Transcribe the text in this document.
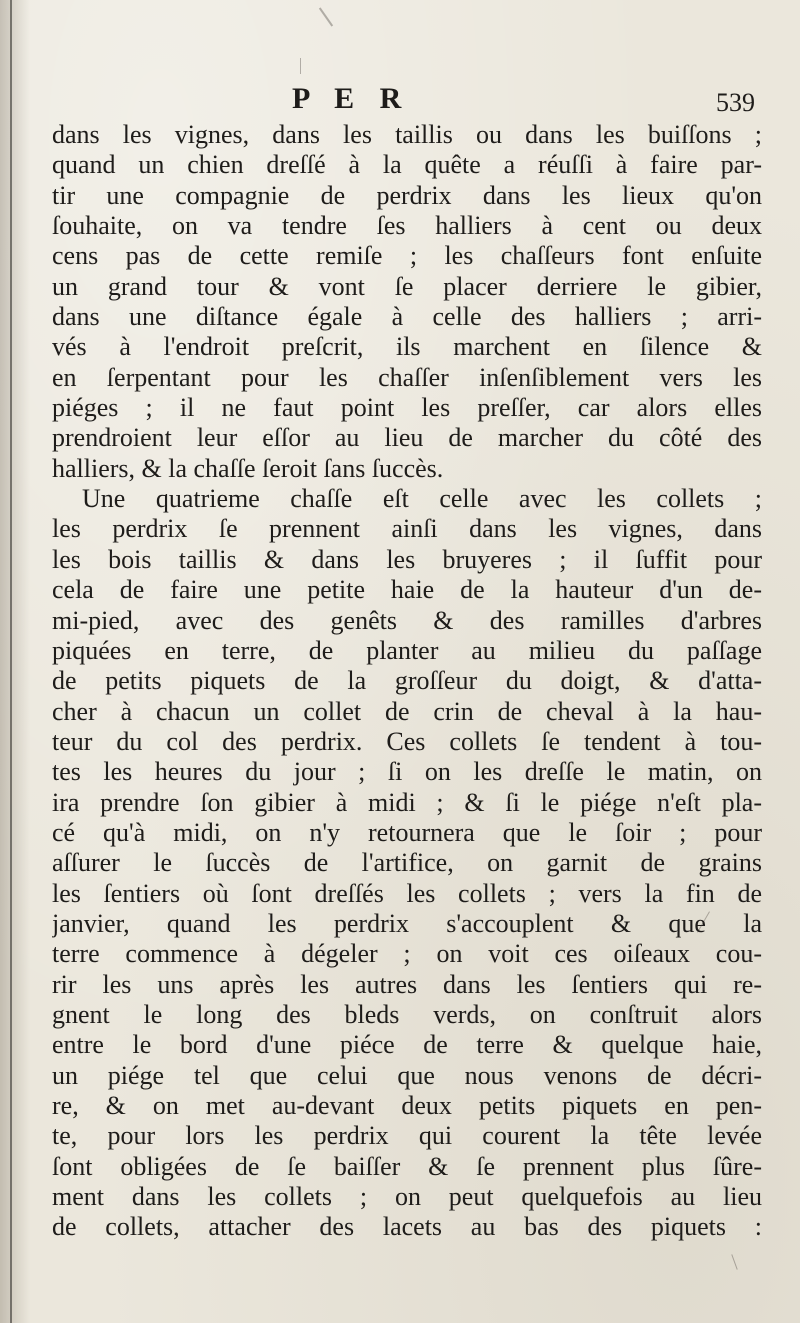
P E R	539
dans les vignes, dans les taillis ou dans les buiſſons ;
quand un chien dreſſé à la quête a réuſſi à faire par-
tir une compagnie de perdrix dans les lieux qu'on
ſouhaite, on va tendre ſes halliers à cent ou deux
cens pas de cette remiſe ; les chaſſeurs font enſuite
un grand tour & vont ſe placer derriere le gibier,
dans une diſtance égale à celle des halliers ; arri-
vés à l'endroit preſcrit, ils marchent en ſilence &
en ſerpentant pour les chaſſer inſenſiblement vers les
piéges ; il ne faut point les preſſer, car alors elles
prendroient leur eſſor au lieu de marcher du côté des
halliers, & la chaſſe ſeroit ſans ſuccès.
Une quatrieme chaſſe eſt celle avec les collets ;
les perdrix ſe prennent ainſi dans les vignes, dans
les bois taillis & dans les bruyeres ; il ſuffit pour
cela de faire une petite haie de la hauteur d'un de-
mi-pied, avec des genêts & des ramilles d'arbres
piquées en terre, de planter au milieu du paſſage
de petits piquets de la groſſeur du doigt, & d'atta-
cher à chacun un collet de crin de cheval à la hau-
teur du col des perdrix. Ces collets ſe tendent à tou-
tes les heures du jour ; ſi on les dreſſe le matin, on
ira prendre ſon gibier à midi ; & ſi le piége n'eſt pla-
cé qu'à midi, on n'y retournera que le ſoir ; pour
aſſurer le ſuccès de l'artifice, on garnit de grains
les ſentiers où ſont dreſſés les collets ; vers la fin de
janvier, quand les perdrix s'accouplent & que la
terre commence à dégeler ; on voit ces oiſeaux cou-
rir les uns après les autres dans les ſentiers qui re-
gnent le long des bleds verds, on conſtruit alors
entre le bord d'une piéce de terre & quelque haie,
un piége tel que celui que nous venons de décri-
re, & on met au-devant deux petits piquets en pen-
te, pour lors les perdrix qui courent la tête levée
ſont obligées de ſe baiſſer & ſe prennent plus ſûre-
ment dans les collets ; on peut quelquefois au lieu
de collets, attacher des lacets au bas des piquets :
